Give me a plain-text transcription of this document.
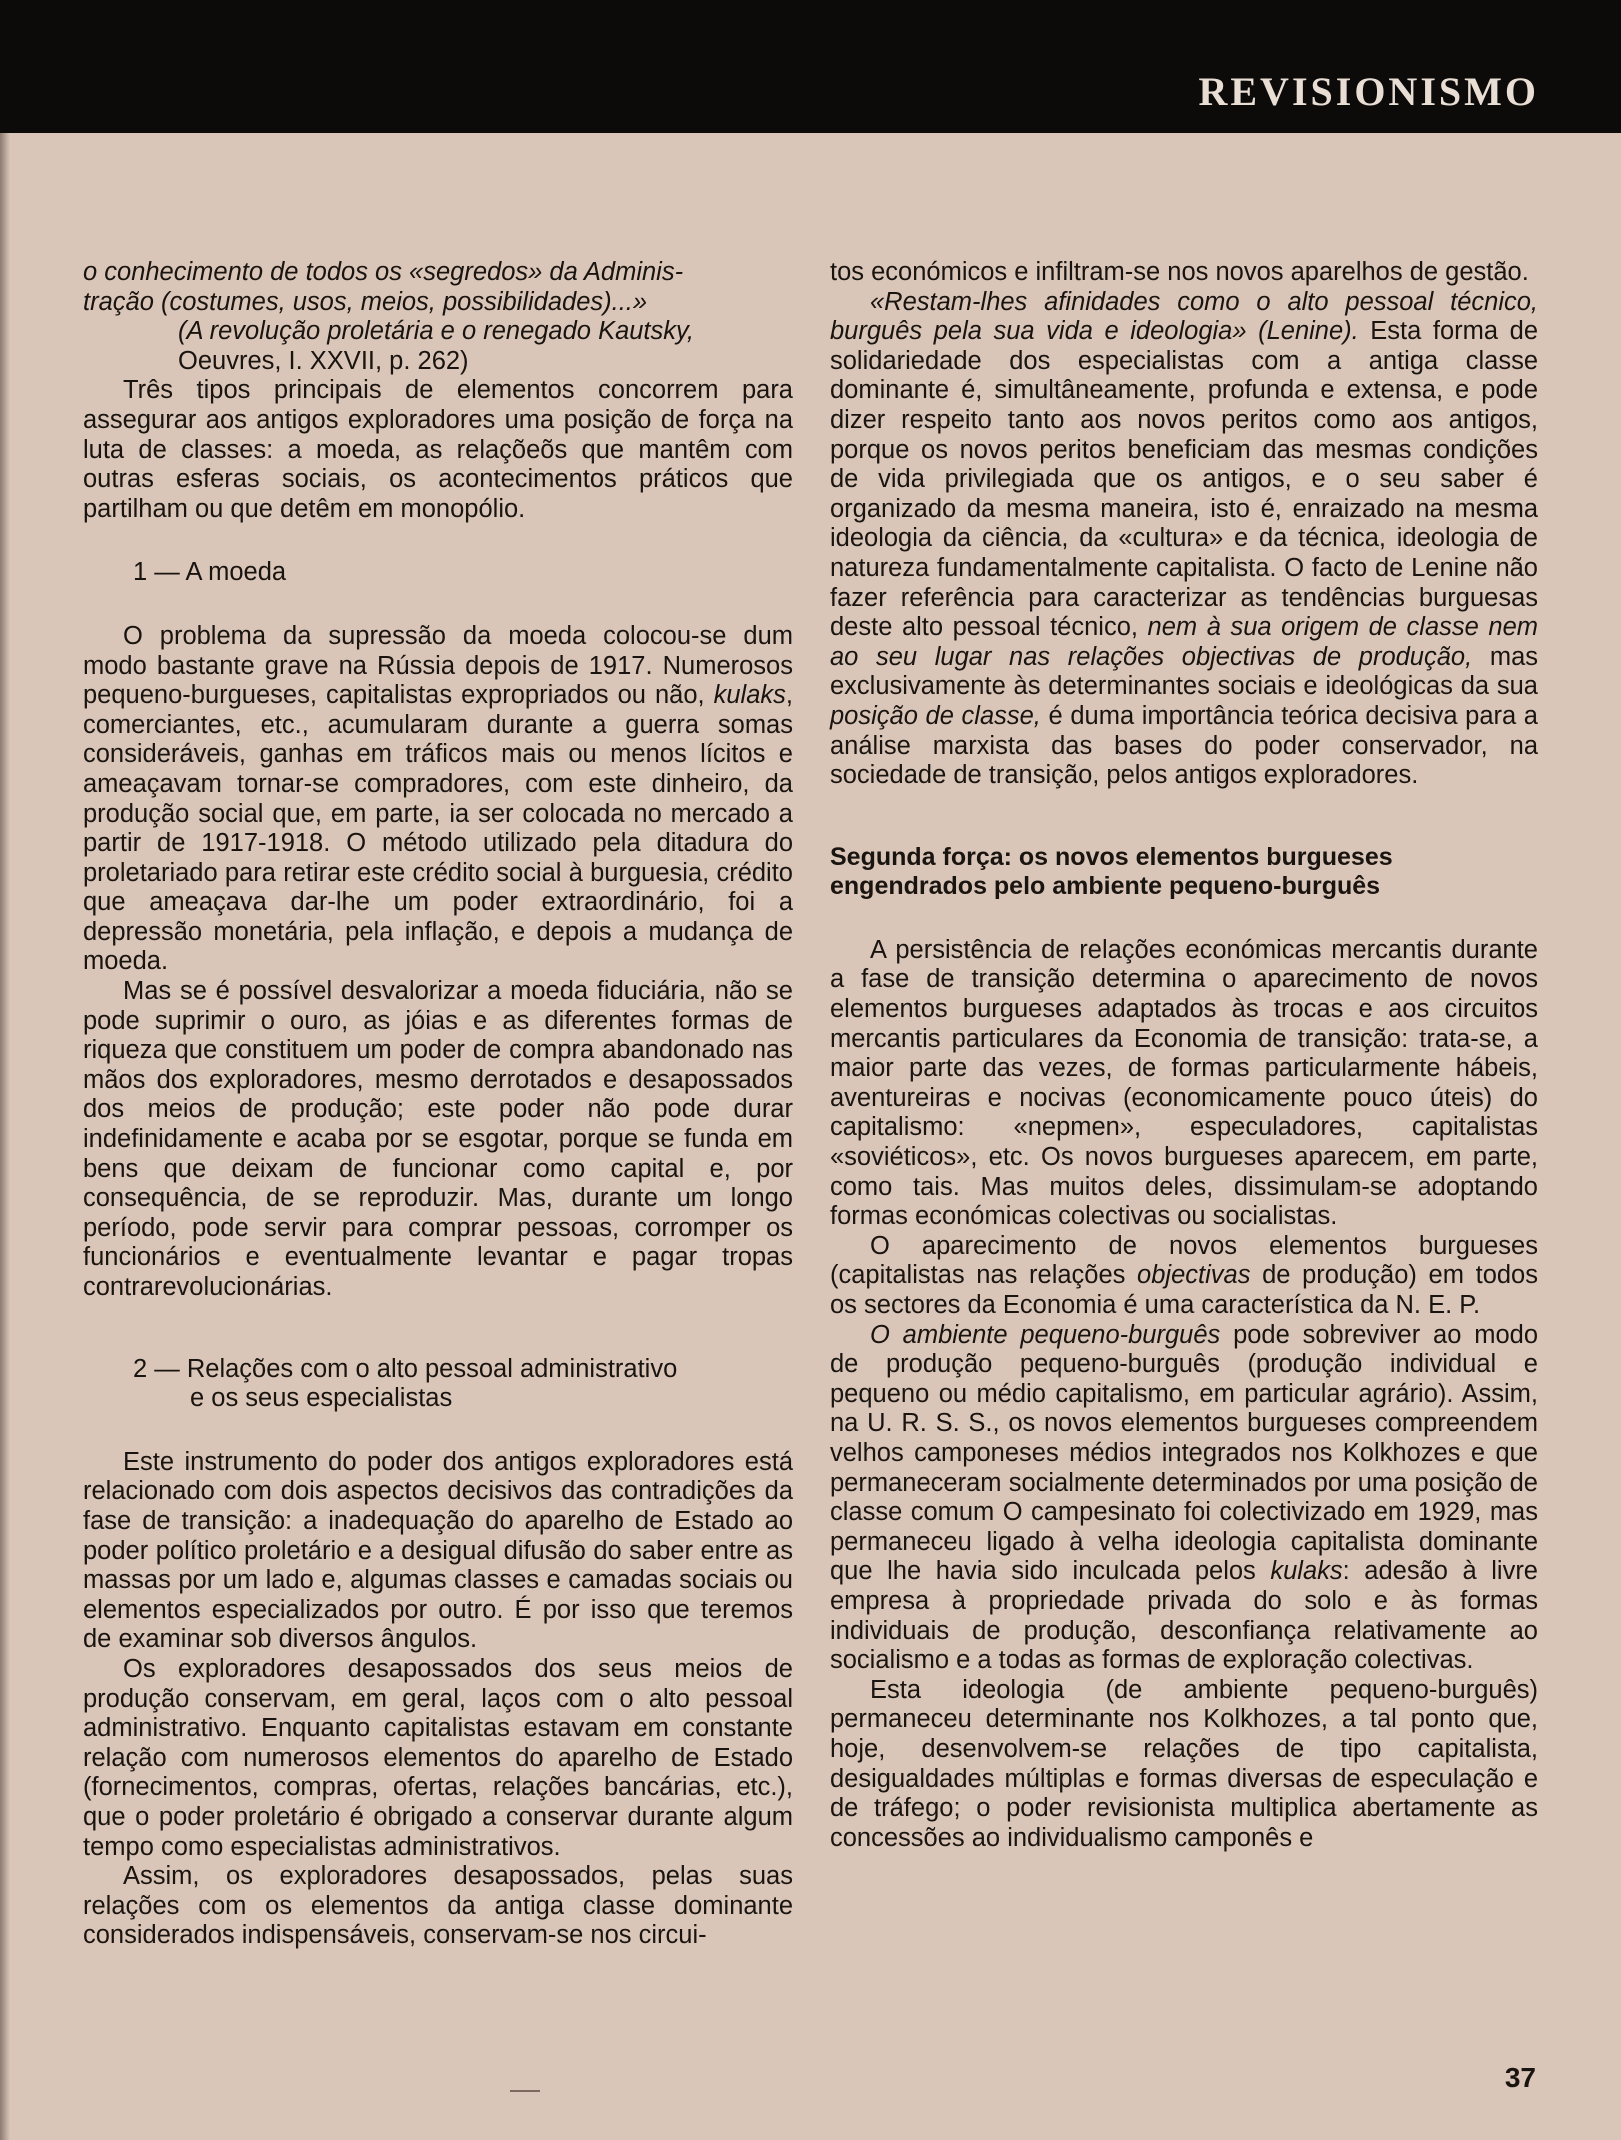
REVISIONISMO

o conhecimento de todos os «segredos» da Adminis-
tração (costumes, usos, meios, possibilidades)...»

(A revolução proletária e o renegado Kautsky,
Oeuvres, I. XXVII, p. 262)

Três tipos principais de elementos concorrem para assegurar aos antigos exploradores uma posição de força na luta de classes: a moeda, as relaçõeõs que mantêm com outras esferas sociais, os acontecimentos práticos que partilham ou que detêm em monopólio.

1 — A moeda

O problema da supressão da moeda colocou-se dum modo bastante grave na Rússia depois de 1917. Numerosos pequeno-burgueses, capitalistas expropriados ou não, kulaks, comerciantes, etc., acumularam durante a guerra somas consideráveis, ganhas em tráficos mais ou menos lícitos e ameaçavam tornar-se compradores, com este dinheiro, da produção social que, em parte, ia ser colocada no mercado a partir de 1917-1918. O método utilizado pela ditadura do proletariado para retirar este crédito social à burguesia, crédito que ameaçava dar-lhe um poder extraordinário, foi a depressão monetária, pela inflação, e depois a mudança de moeda.

Mas se é possível desvalorizar a moeda fiduciária, não se pode suprimir o ouro, as jóias e as diferentes formas de riqueza que constituem um poder de compra abandonado nas mãos dos exploradores, mesmo derrotados e desapossados dos meios de produção; este poder não pode durar indefinidamente e acaba por se esgotar, porque se funda em bens que deixam de funcionar como capital e, por consequência, de se reproduzir. Mas, durante um longo período, pode servir para comprar pessoas, corromper os funcionários e eventualmente levantar e pagar tropas contrarevolucionárias.

2 — Relações com o alto pessoal administrativo
e os seus especialistas

Este instrumento do poder dos antigos exploradores está relacionado com dois aspectos decisivos das contradições da fase de transição: a inadequação do aparelho de Estado ao poder político proletário e a desigual difusão do saber entre as massas por um lado e, algumas classes e camadas sociais ou elementos especializados por outro. É por isso que teremos de examinar sob diversos ângulos.

Os exploradores desapossados dos seus meios de produção conservam, em geral, laços com o alto pessoal administrativo. Enquanto capitalistas estavam em constante relação com numerosos elementos do aparelho de Estado (fornecimentos, compras, ofertas, relações bancárias, etc.), que o poder proletário é obrigado a conservar durante algum tempo como especialistas administrativos.

Assim, os exploradores desapossados, pelas suas relações com os elementos da antiga classe dominante considerados indispensáveis, conservam-se nos circui-

tos económicos e infiltram-se nos novos aparelhos de gestão.

«Restam-lhes afinidades como o alto pessoal técnico, burguês pela sua vida e ideologia» (Lenine). Esta forma de solidariedade dos especialistas com a antiga classe dominante é, simultâneamente, profunda e extensa, e pode dizer respeito tanto aos novos peritos como aos antigos, porque os novos peritos beneficiam das mesmas condições de vida privilegiada que os antigos, e o seu saber é organizado da mesma maneira, isto é, enraizado na mesma ideologia da ciência, da «cultura» e da técnica, ideologia de natureza fundamentalmente capitalista. O facto de Lenine não fazer referência para caracterizar as tendências burguesas deste alto pessoal técnico, nem à sua origem de classe nem ao seu lugar nas relações objectivas de produção, mas exclusivamente às determinantes sociais e ideológicas da sua posição de classe, é duma importância teórica decisiva para a análise marxista das bases do poder conservador, na sociedade de transição, pelos antigos exploradores.

Segunda força: os novos elementos burgueses engendrados pelo ambiente pequeno-burguês

A persistência de relações económicas mercantis durante a fase de transição determina o aparecimento de novos elementos burgueses adaptados às trocas e aos circuitos mercantis particulares da Economia de transição: trata-se, a maior parte das vezes, de formas particularmente hábeis, aventureiras e nocivas (economicamente pouco úteis) do capitalismo: «nepmen», especuladores, capitalistas «soviéticos», etc. Os novos burgueses aparecem, em parte, como tais. Mas muitos deles, dissimulam-se adoptando formas económicas colectivas ou socialistas.

O aparecimento de novos elementos burgueses (capitalistas nas relações objectivas de produção) em todos os sectores da Economia é uma característica da N. E. P.

O ambiente pequeno-burguês pode sobreviver ao modo de produção pequeno-burguês (produção individual e pequeno ou médio capitalismo, em particular agrário). Assim, na U. R. S. S., os novos elementos burgueses compreendem velhos camponeses médios integrados nos Kolkhozes e que permaneceram socialmente determinados por uma posição de classe comum O campesinato foi colectivizado em 1929, mas permaneceu ligado à velha ideologia capitalista dominante que lhe havia sido inculcada pelos kulaks: adesão à livre empresa à propriedade privada do solo e às formas individuais de produção, desconfiança relativamente ao socialismo e a todas as formas de exploração colectivas.

Esta ideologia (de ambiente pequeno-burguês) permaneceu determinante nos Kolkhozes, a tal ponto que, hoje, desenvolvem-se relações de tipo capitalista, desigualdades múltiplas e formas diversas de especulação e de tráfego; o poder revisionista multiplica abertamente as concessões ao individualismo camponês e

37
